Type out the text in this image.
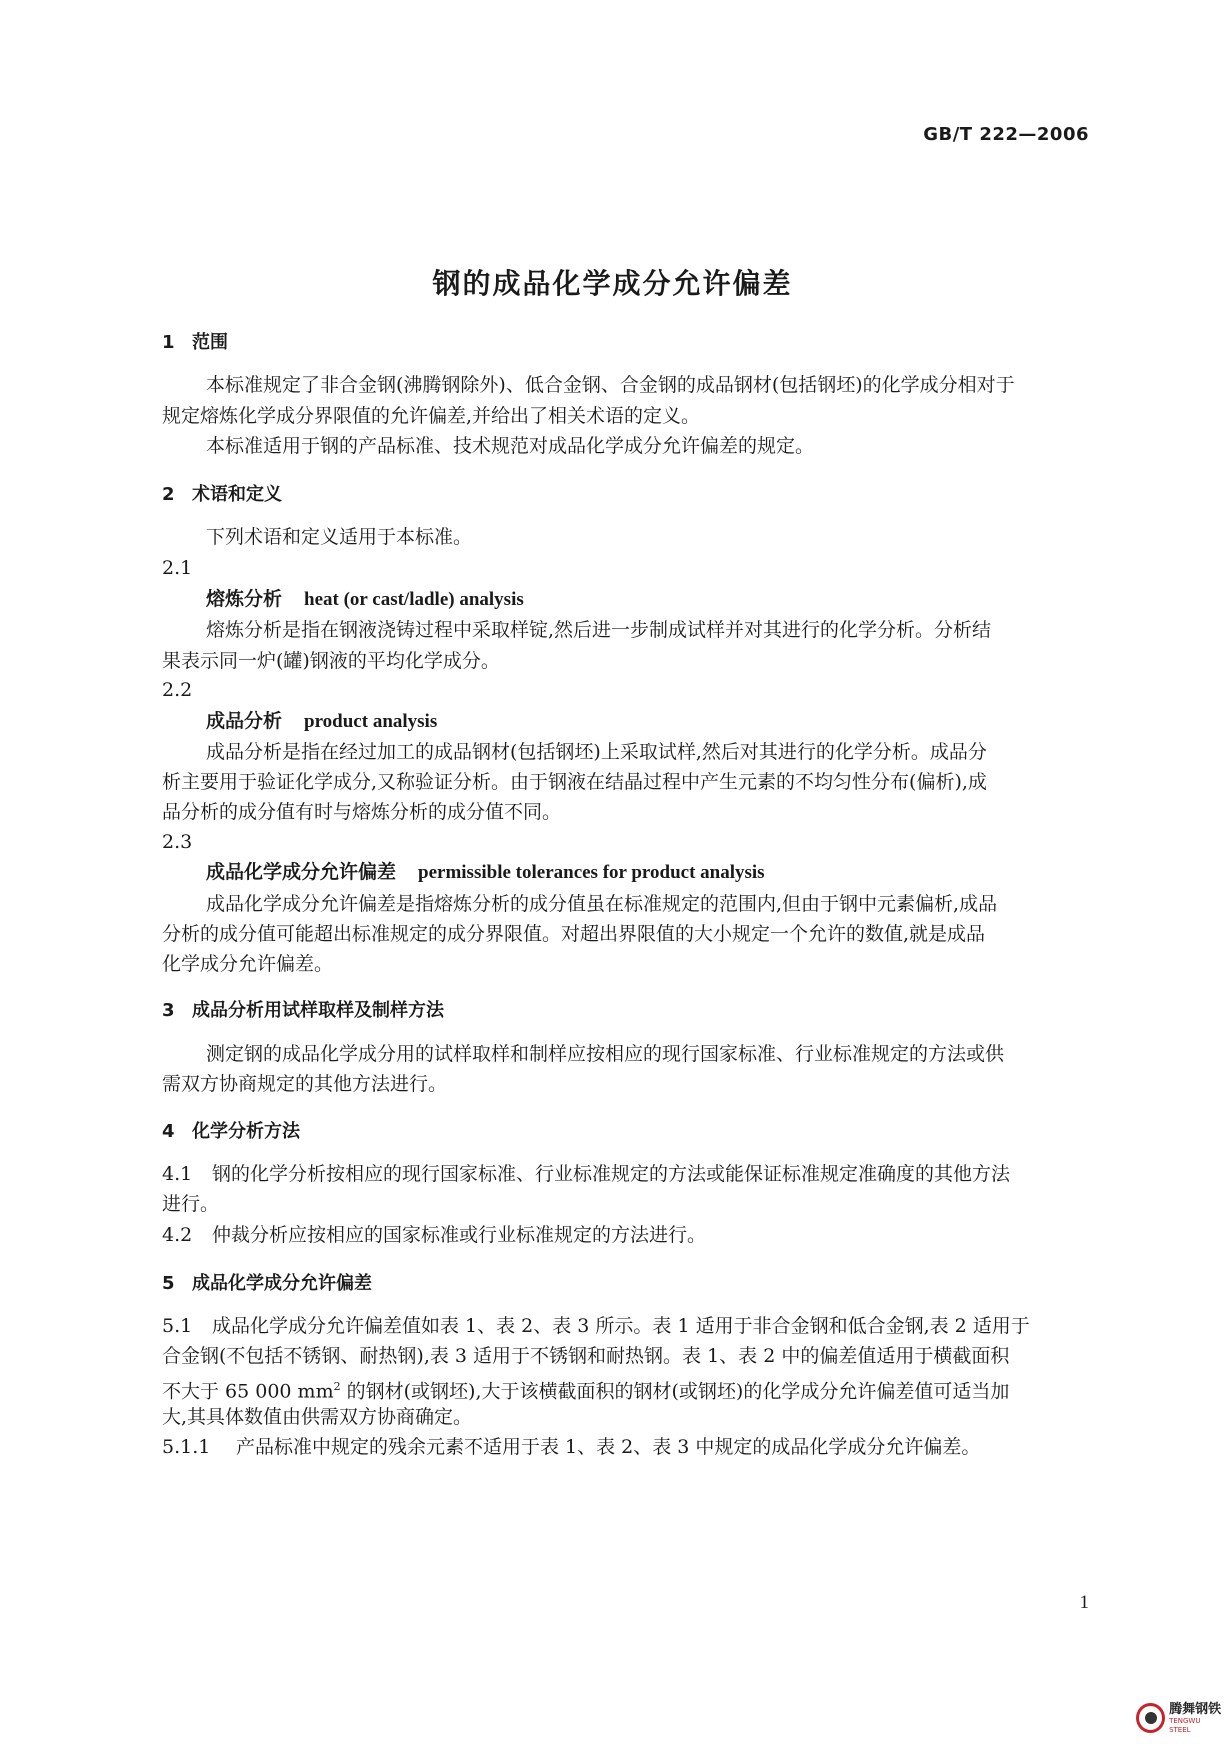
GB/T 222—2006
钢的成品化学成分允许偏差
1 范围
本标准规定了非合金钢(沸腾钢除外)、低合金钢、合金钢的成品钢材(包括钢坯)的化学成分相对于
规定熔炼化学成分界限值的允许偏差,并给出了相关术语的定义。
本标准适用于钢的产品标准、技术规范对成品化学成分允许偏差的规定。
2 术语和定义
下列术语和定义适用于本标准。
2.1
熔炼分析 heat (or cast/ladle) analysis
熔炼分析是指在钢液浇铸过程中采取样锭,然后进一步制成试样并对其进行的化学分析。分析结
果表示同一炉(罐)钢液的平均化学成分。
2.2
成品分析 product analysis
成品分析是指在经过加工的成品钢材(包括钢坯)上采取试样,然后对其进行的化学分析。成品分
析主要用于验证化学成分,又称验证分析。由于钢液在结晶过程中产生元素的不均匀性分布(偏析),成
品分析的成分值有时与熔炼分析的成分值不同。
2.3
成品化学成分允许偏差 permissible tolerances for product analysis
成品化学成分允许偏差是指熔炼分析的成分值虽在标准规定的范围内,但由于钢中元素偏析,成品
分析的成分值可能超出标准规定的成分界限值。对超出界限值的大小规定一个允许的数值,就是成品
化学成分允许偏差。
3 成品分析用试样取样及制样方法
测定钢的成品化学成分用的试样取样和制样应按相应的现行国家标准、行业标准规定的方法或供
需双方协商规定的其他方法进行。
4 化学分析方法
4.1 钢的化学分析按相应的现行国家标准、行业标准规定的方法或能保证标准规定准确度的其他方法
进行。
4.2 仲裁分析应按相应的国家标准或行业标准规定的方法进行。
5 成品化学成分允许偏差
5.1 成品化学成分允许偏差值如表 1、表 2、表 3 所示。表 1 适用于非合金钢和低合金钢,表 2 适用于
合金钢(不包括不锈钢、耐热钢),表 3 适用于不锈钢和耐热钢。表 1、表 2 中的偏差值适用于横截面积
不大于 65 000 $mm^2$ 的钢材(或钢坯),大于该横截面积的钢材(或钢坯)的化学成分允许偏差值可适当加
大,其具体数值由供需双方协商确定。
5.1.1 产品标准中规定的残余元素不适用于表 1、表 2、表 3 中规定的成品化学成分允许偏差。
1
腾舞钢铁
TENGWU STEEL
